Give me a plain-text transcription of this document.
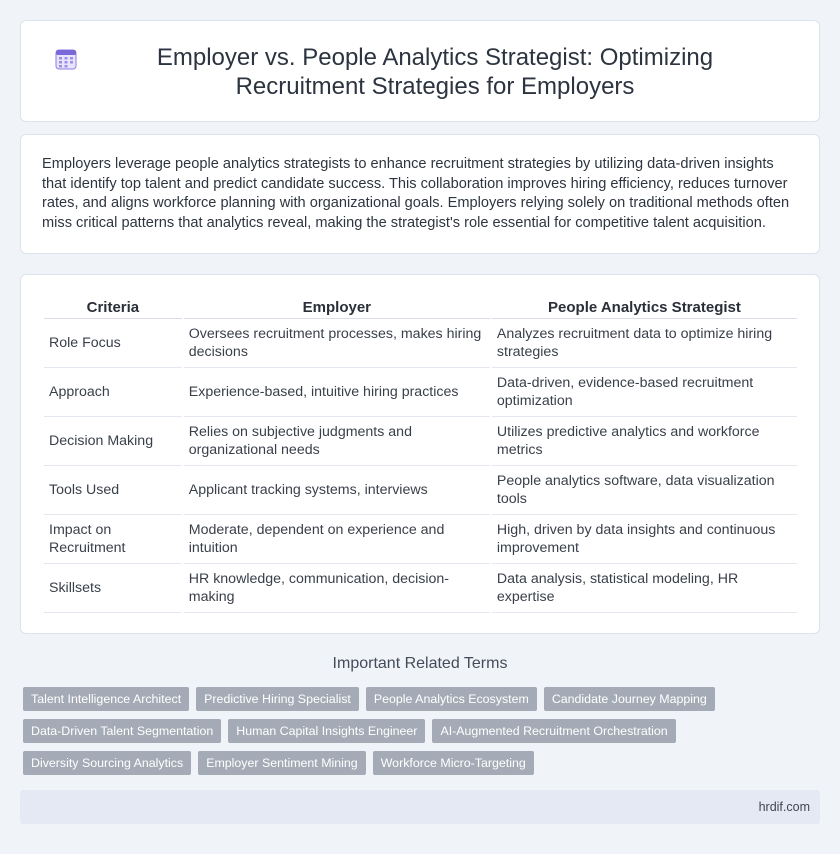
Employer vs. People Analytics Strategist: Optimizing Recruitment Strategies for Employers

Employers leverage people analytics strategists to enhance recruitment strategies by utilizing data-driven insights that identify top talent and predict candidate success. This collaboration improves hiring efficiency, reduces turnover rates, and aligns workforce planning with organizational goals. Employers relying solely on traditional methods often miss critical patterns that analytics reveal, making the strategist's role essential for competitive talent acquisition.

Criteria	Employer	People Analytics Strategist
Role Focus	Oversees recruitment processes, makes hiring decisions	Analyzes recruitment data to optimize hiring strategies
Approach	Experience-based, intuitive hiring practices	Data-driven, evidence-based recruitment optimization
Decision Making	Relies on subjective judgments and organizational needs	Utilizes predictive analytics and workforce metrics
Tools Used	Applicant tracking systems, interviews	People analytics software, data visualization tools
Impact on Recruitment	Moderate, dependent on experience and intuition	High, driven by data insights and continuous improvement
Skillsets	HR knowledge, communication, decision-making	Data analysis, statistical modeling, HR expertise
Important Related Terms
Talent Intelligence Architect	Predictive Hiring Specialist	People Analytics Ecosystem	Candidate Journey Mapping
Data-Driven Talent Segmentation	Human Capital Insights Engineer	AI-Augmented Recruitment Orchestration
Diversity Sourcing Analytics	Employer Sentiment Mining	Workforce Micro-Targeting
hrdif.com
